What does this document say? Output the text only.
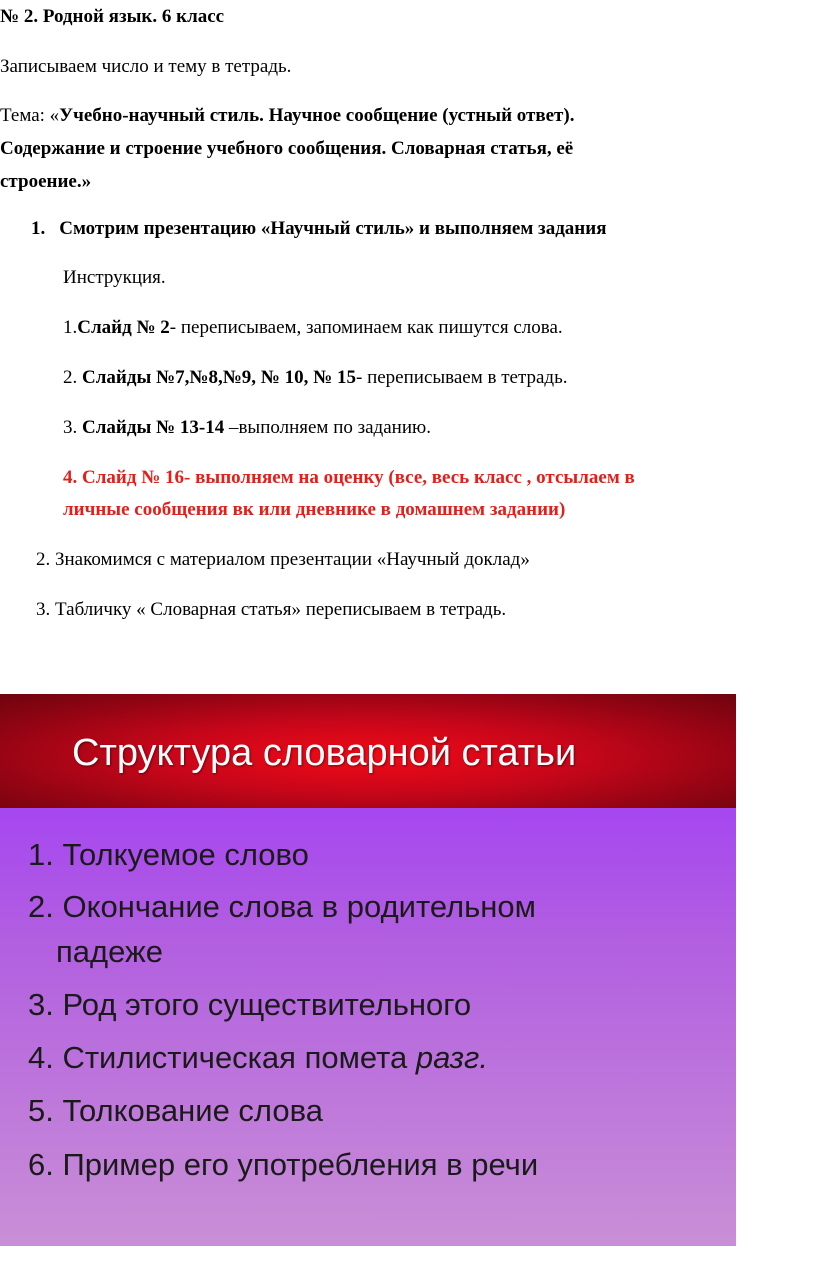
№ 2. Родной язык. 6 класс
Записываем число и тему в тетрадь.
Тема: «Учебно-научный стиль. Научное сообщение (устный ответ).
Содержание и строение учебного сообщения. Словарная статья, её
строение.»
1. Смотрим презентацию «Научный стиль» и выполняем задания
Инструкция.
1.Слайд № 2- переписываем, запоминаем как пишутся слова.
2. Слайды №7,№8,№9, № 10, № 15- переписываем в тетрадь.
3. Слайды № 13-14 –выполняем по заданию.
4. Слайд № 16- выполняем на оценку (все, весь класс , отсылаем в
личные сообщения вк или дневнике в домашнем задании)
2. Знакомимся с материалом презентации «Научный доклад»
3. Табличку « Словарная статья» переписываем в тетрадь.
Структура словарной статьи
1. Толкуемое слово
2. Окончание слова в родительном
падеже
3. Род этого существительного
4. Стилистическая помета разг.
5. Толкование слова
6. Пример его употребления в речи
